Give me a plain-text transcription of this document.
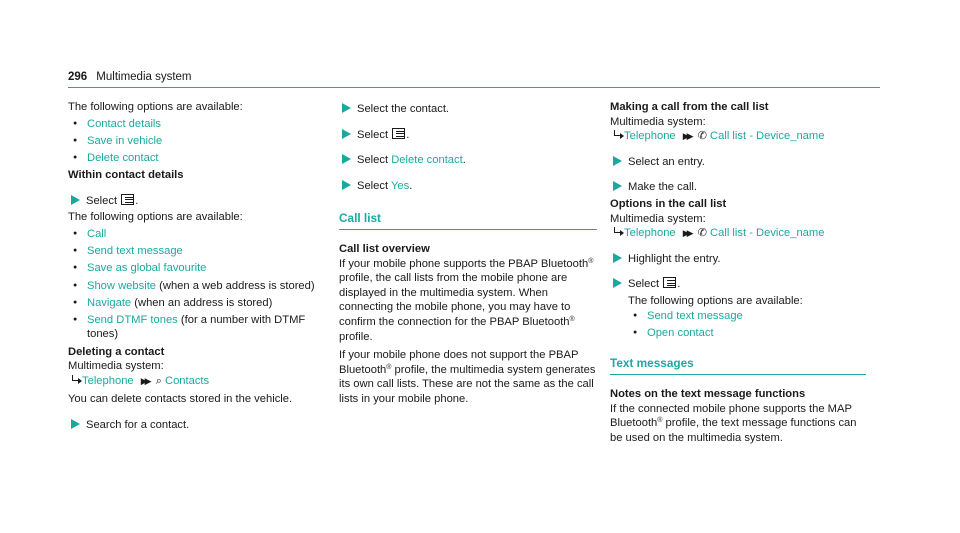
296 Multimedia system
The following options are available:
● Contact details
● Save in vehicle
● Delete contact
Within contact details
Select .
The following options are available:
● Call
● Send text message
● Save as global favourite
● Show website (when a web address is stored)
● Navigate (when an address is stored)
● Send DTMF tones (for a number with DTMF tones)
Deleting a contact
Multimedia system:
Telephone ▶▶ ⌕ Contacts
You can delete contacts stored in the vehicle.
Search for a contact.
Select the contact.
Select .
Select Delete contact.
Select Yes.
Call list
Call list overview
If your mobile phone supports the PBAP Bluetooth® profile, the call lists from the mobile phone are displayed in the multimedia system. When connecting the mobile phone, you may have to confirm the connection for the PBAP Bluetooth® profile.
If your mobile phone does not support the PBAP Bluetooth® profile, the multimedia system generates its own call lists. These are not the same as the call lists in your mobile phone.
Making a call from the call list
Multimedia system:
Telephone ▶▶ ✆ Call list - Device_name
Select an entry.
Make the call.
Options in the call list
Multimedia system:
Telephone ▶▶ ✆ Call list - Device_name
Highlight the entry.
Select .
The following options are available:
● Send text message
● Open contact
Text messages
Notes on the text message functions
If the connected mobile phone supports the MAP Bluetooth® profile, the text message functions can be used on the multimedia system.
